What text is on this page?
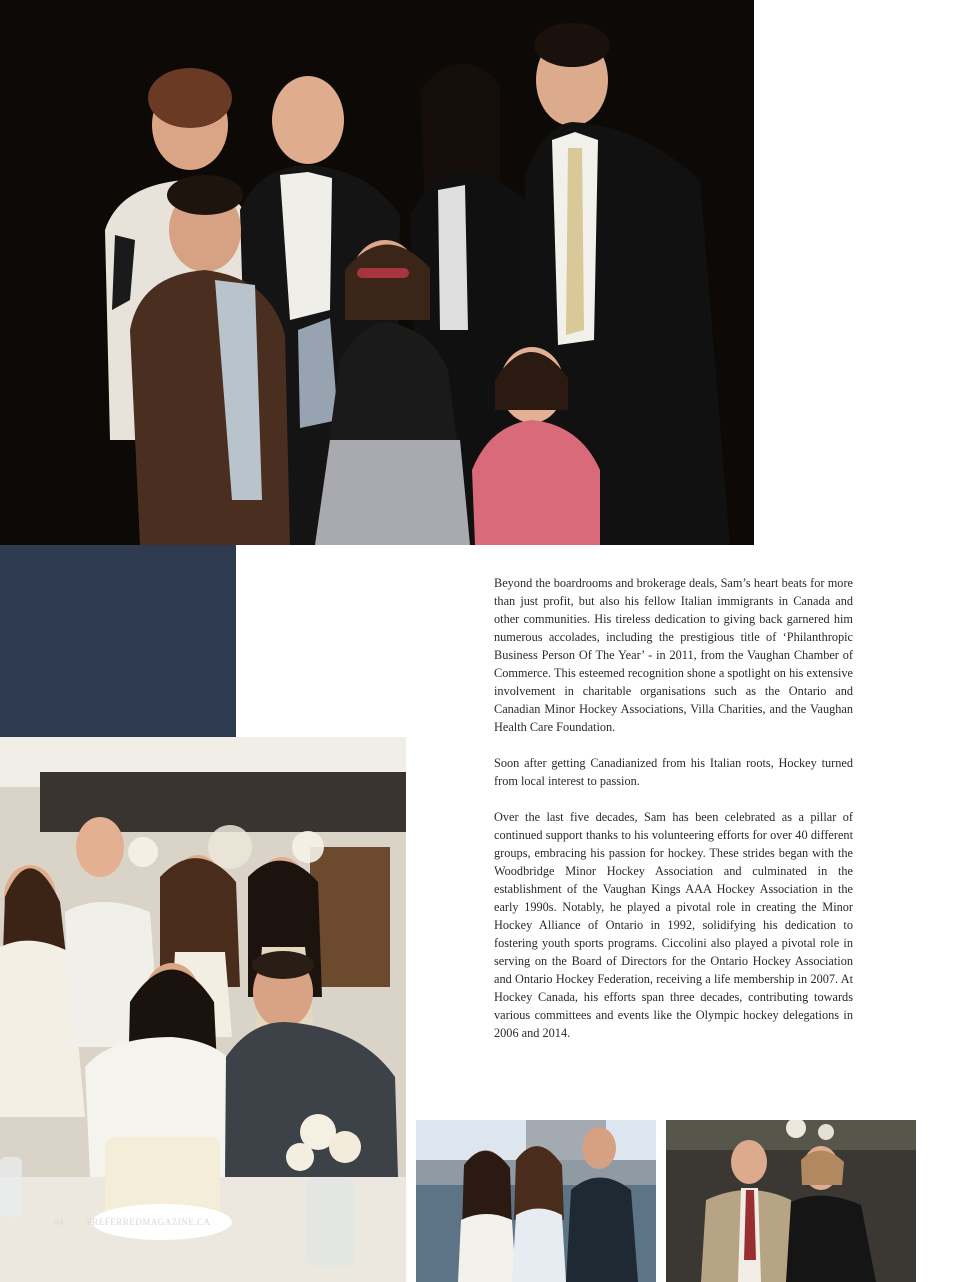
Beyond the boardrooms and brokerage deals, Sam’s heart beats for more than just profit, but also his fellow Italian immigrants in Canada and other communities. His tireless dedication to giving back garnered him numerous accolades, including the prestigious title of ‘Philanthropic Business Person Of The Year’ - in 2011, from the Vaughan Chamber of Commerce. This esteemed recognition shone a spotlight on his extensive involvement in charitable organisations such as the Ontario and Canadian Minor Hockey Associations, Villa Charities, and the Vaughan Health Care Foundation.

Soon after getting Canadianized from his Italian roots, Hockey turned from local interest to passion.

Over the last five decades, Sam has been celebrated as a pillar of continued support thanks to his volunteering efforts for over 40 different groups, embracing his passion for hockey. These strides began with the Woodbridge Minor Hockey Association and culminated in the establishment of the Vaughan Kings AAA Hockey Association in the early 1990s. Notably, he played a pivotal role in creating the Minor Hockey Alliance of Ontario in 1992, solidifying his dedication to fostering youth sports programs. Ciccolini also played a pivotal role in serving on the Board of Directors for the Ontario Hockey Association and Ontario Hockey Federation, receiving a life membership in 2007. At Hockey Canada, his efforts span three decades, contributing towards various committees and events like the Olympic hockey delegations in 2006 and 2014.

84	PREFERREDMAGAZINE.CA
